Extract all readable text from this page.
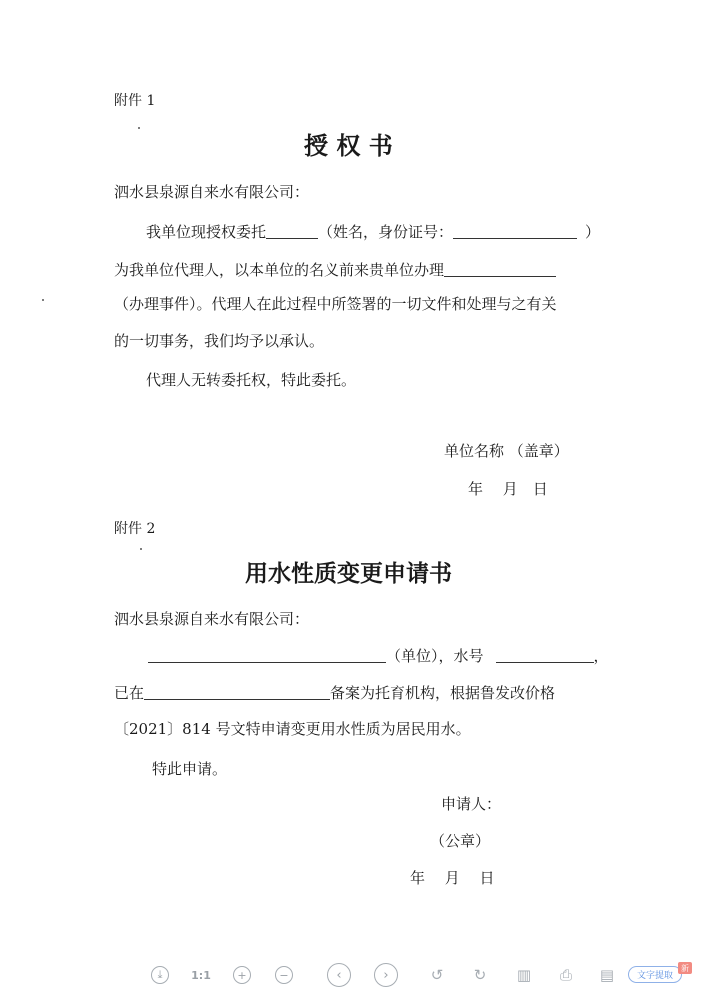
附件 1
授 权 书
泗水县泉源自来水有限公司：
我单位现授权委托	（姓名，身份证号：	）
为我单位代理人，以本单位的名义前来贵单位办理
（办理事件）。代理人在此过程中所签署的一切文件和处理与之有关
的一切事务，我们均予以承认。
代理人无转委托权，特此委托。
单位名称 （盖章）
年　 月　日
附件 2
用水性质变更申请书
泗水县泉源自来水有限公司：
（单位），水号	，
已在	备案为托育机构，根据鲁发改价格
〔2021〕814 号文特申请变更用水性质为居民用水。
特此申请。
申请人：
（公章）
年　 月　 日
⤓	1:1	+	−	‹	›	↺ ↻ ▥ ⎙ ▤	文字提取
新
